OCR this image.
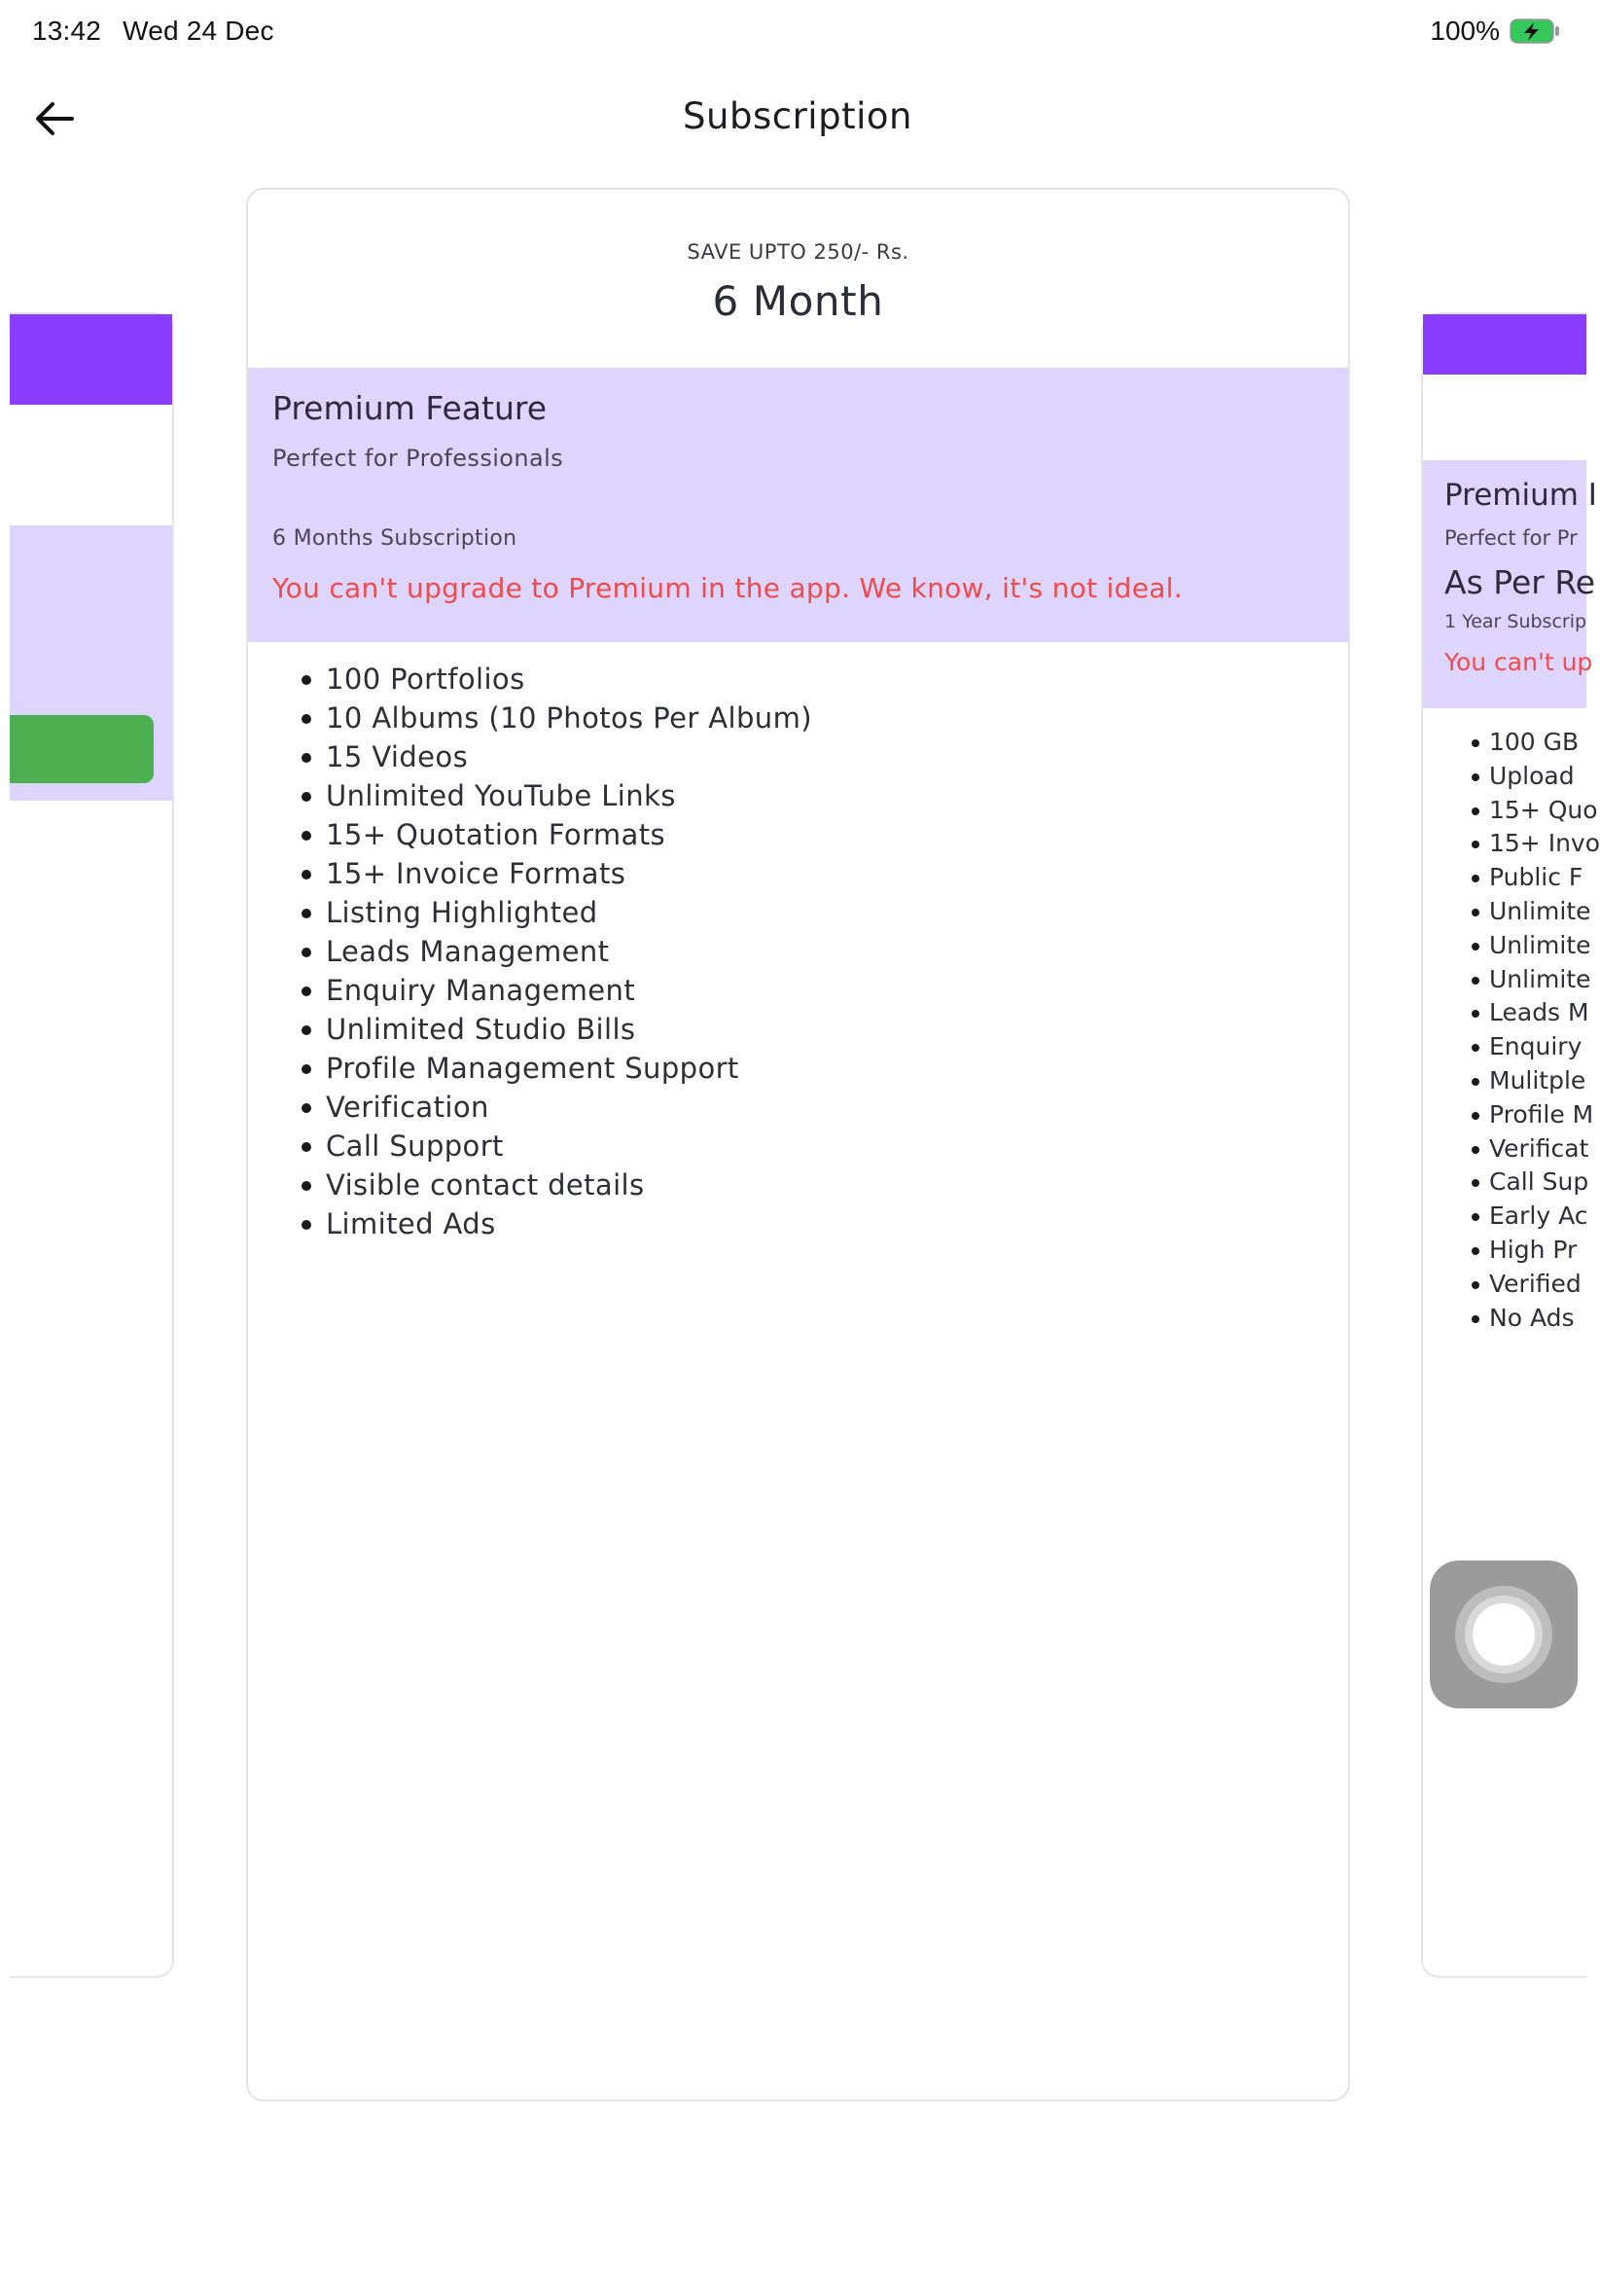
13:42 Wed 24 Dec	100%
Subscription
SAVE UPTO 250/- Rs.
6 Month
Premium Feature
Perfect for Professionals
6 Months Subscription
You can't upgrade to Premium in the app. We know, it's not ideal.
100 Portfolios
10 Albums (10 Photos Per Album)
15 Videos
Unlimited YouTube Links
15+ Quotation Formats
15+ Invoice Formats
Listing Highlighted
Leads Management
Enquiry Management
Unlimited Studio Bills
Profile Management Support
Verification
Call Support
Visible contact details
Limited Ads
Premium I
Perfect for Pr
As Per Re
1 Year Subscrip
You can't up
100 GB
Upload
15+ Quo
15+ Invo
Public F
Unlimite
Unlimite
Unlimite
Leads M
Enquiry
Mulitple
Profile M
Verificat
Call Sup
Early Ac
High Pr
Verified
No Ads
